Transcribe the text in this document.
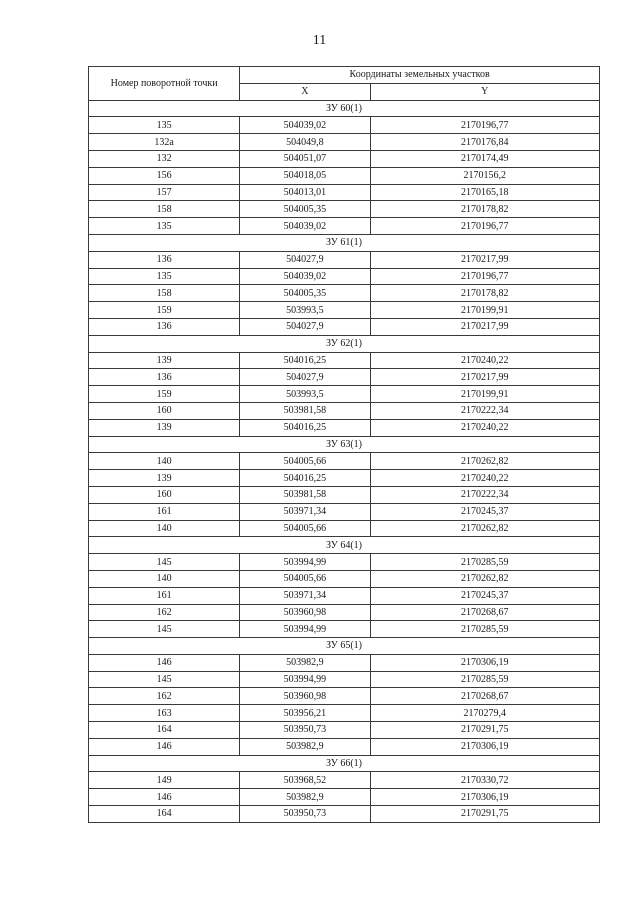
11
Номер поворотной точки	Координаты земельных участков	
	X	Y
ЗУ 60(1)		
135	504039,02	2170196,77
132а	504049,8	2170176,84
132	504051,07	2170174,49
156	504018,05	2170156,2
157	504013,01	2170165,18
158	504005,35	2170178,82
135	504039,02	2170196,77
ЗУ 61(1)		
136	504027,9	2170217,99
135	504039,02	2170196,77
158	504005,35	2170178,82
159	503993,5	2170199,91
136	504027,9	2170217,99
ЗУ 62(1)		
139	504016,25	2170240,22
136	504027,9	2170217,99
159	503993,5	2170199,91
160	503981,58	2170222,34
139	504016,25	2170240,22
ЗУ 63(1)		
140	504005,66	2170262,82
139	504016,25	2170240,22
160	503981,58	2170222,34
161	503971,34	2170245,37
140	504005,66	2170262,82
ЗУ 64(1)		
145	503994,99	2170285,59
140	504005,66	2170262,82
161	503971,34	2170245,37
162	503960,98	2170268,67
145	503994,99	2170285,59
ЗУ 65(1)		
146	503982,9	2170306,19
145	503994,99	2170285,59
162	503960,98	2170268,67
163	503956,21	2170279,4
164	503950,73	2170291,75
146	503982,9	2170306,19
ЗУ 66(1)		
149	503968,52	2170330,72
146	503982,9	2170306,19
164	503950,73	2170291,75
